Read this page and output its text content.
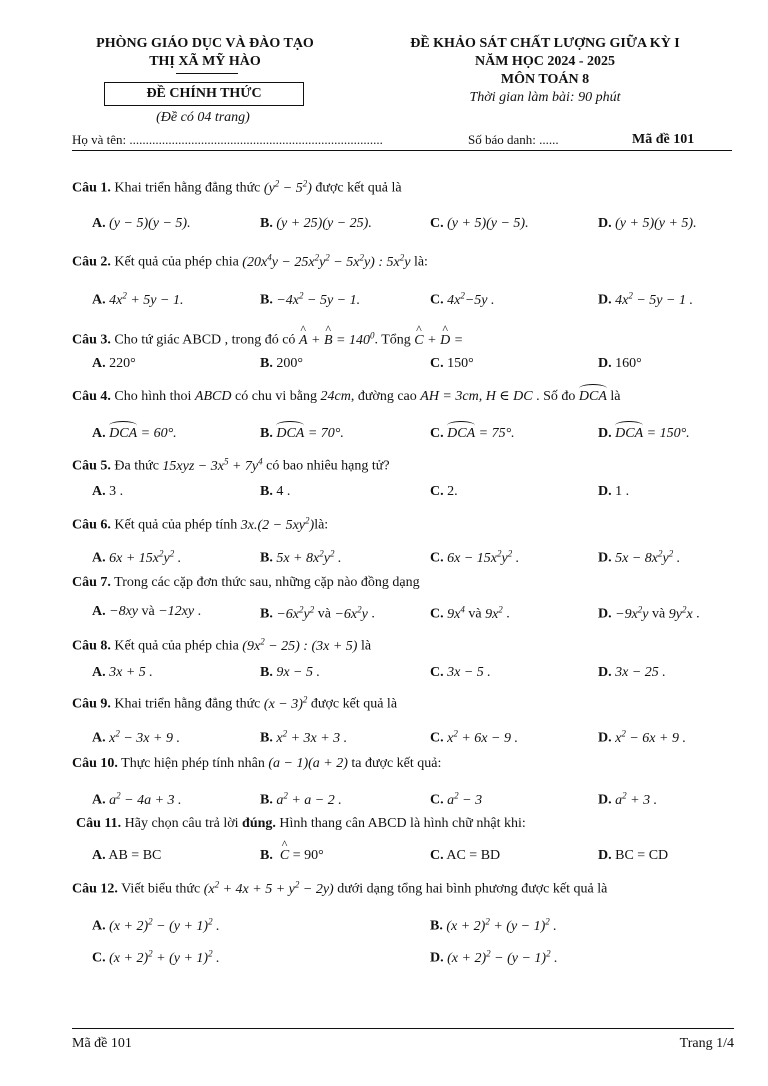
PHÒNG GIÁO DỤC VÀ ĐÀO TẠO
THỊ XÃ MỸ HÀO
ĐỀ CHÍNH THỨC
(Đề có 04 trang)
ĐỀ KHẢO SÁT CHẤT LƯỢNG GIỮA KỲ I
NĂM HỌC 2024 - 2025
MÔN TOÁN 8
Thời gian làm bài: 90 phút
Họ và tên: ..............................................................................	Số báo danh: ......	Mã đề 101
Câu 1. Khai triển hằng đẳng thức $(y^2 - 5^2)$ được kết quả là
A. (y − 5)(y − 5).	B. (y + 25)(y − 25).	C. (y + 5)(y − 5).	D. (y + 5)(y + 5).
Câu 2. Kết quả của phép chia $(20x^4y - 25x^2y^2 - 5x^2y)$ : $5x^2y$ là:
A. $4x^2 + 5y - 1$.	B. $-4x^2 - 5y - 1$.	C. $4x^2-5y$ .	D. $4x^2 - 5y - 1$ .
Câu 3. Cho tứ giác ABCD , trong đó có ^ A + ^ $B = 140^0$. Tổng ^ C + ^ D =
A. 220°	B. 200°	C. 150°	D. 160°
Câu 4. Cho hình thoi ABCD có chu vi bằng 24cm, đường cao AH = 3cm, H ∈ DC . Số đo DCA là
A. DCA = 60°.	B. DCA = 70°.	C. DCA = 75°.	D. DCA = 150°.
Câu 5. Đa thức $15xyz - 3x^5 + 7y^4$ có bao nhiêu hạng tử?
A. 3 .	B. 4 .	C. 2.	D. 1 .
Câu 6. Kết quả của phép tính $3x.(2 - 5xy^2)là$:
A. $6x + 15x^2y^2$ .	B. $5x + 8x^2y^2$ .	C. $6x - 15x^2y^2$ .	D. $5x - 8x^2y^2$ .
Câu 7. Trong các cặp đơn thức sau, những cặp nào đồng dạng
A. −8xy và −12xy .	B. $-6x^2y^2$ và $-6x^2y$ .	C. $9x^4$ và $9x^2$ .	D. $-9x^2y$ và $9y^2x$ .
Câu 8. Kết quả của phép chia $(9x^2 - 25)$ : (3x + 5) là
A. 3x + 5 .	B. 9x − 5 .	C. 3x − 5 .	D. 3x − 25 .
Câu 9. Khai triển hằng đẳng thức $(x - 3)^2$ được kết quả là
A. $x^2 - 3x + 9$ .	B. $x^2 + 3x + 3$ .	C. $x^2 + 6x - 9$ .	D. $x^2 - 6x + 9$ .
Câu 10. Thực hiện phép tính nhân (a − 1)(a + 2) ta được kết quả:
A. $a^2 - 4a + 3$ .	B. $a^2 + a - 2$ .	C. $a^2 - 3$	D. $a^2 + 3$ .
Câu 11. Hãy chọn câu trả lời đúng. Hình thang cân ABCD là hình chữ nhật khi:
A. AB = BC	B. ^ C = 90°	C. AC = BD	D. BC = CD
Câu 12. Viết biểu thức $(x^2 + 4x + 5 + y^2 - 2y)$ dưới dạng tổng hai bình phương được kết quả là
A. $(x + 2)^2 - (y + 1)^2$ .	B. $(x + 2)^2 + (y - 1)^2$ .
C. $(x + 2)^2 + (y + 1)^2$ .	D. $(x + 2)^2 - (y - 1)^2$ .
Mã đề 101	Trang 1/4
